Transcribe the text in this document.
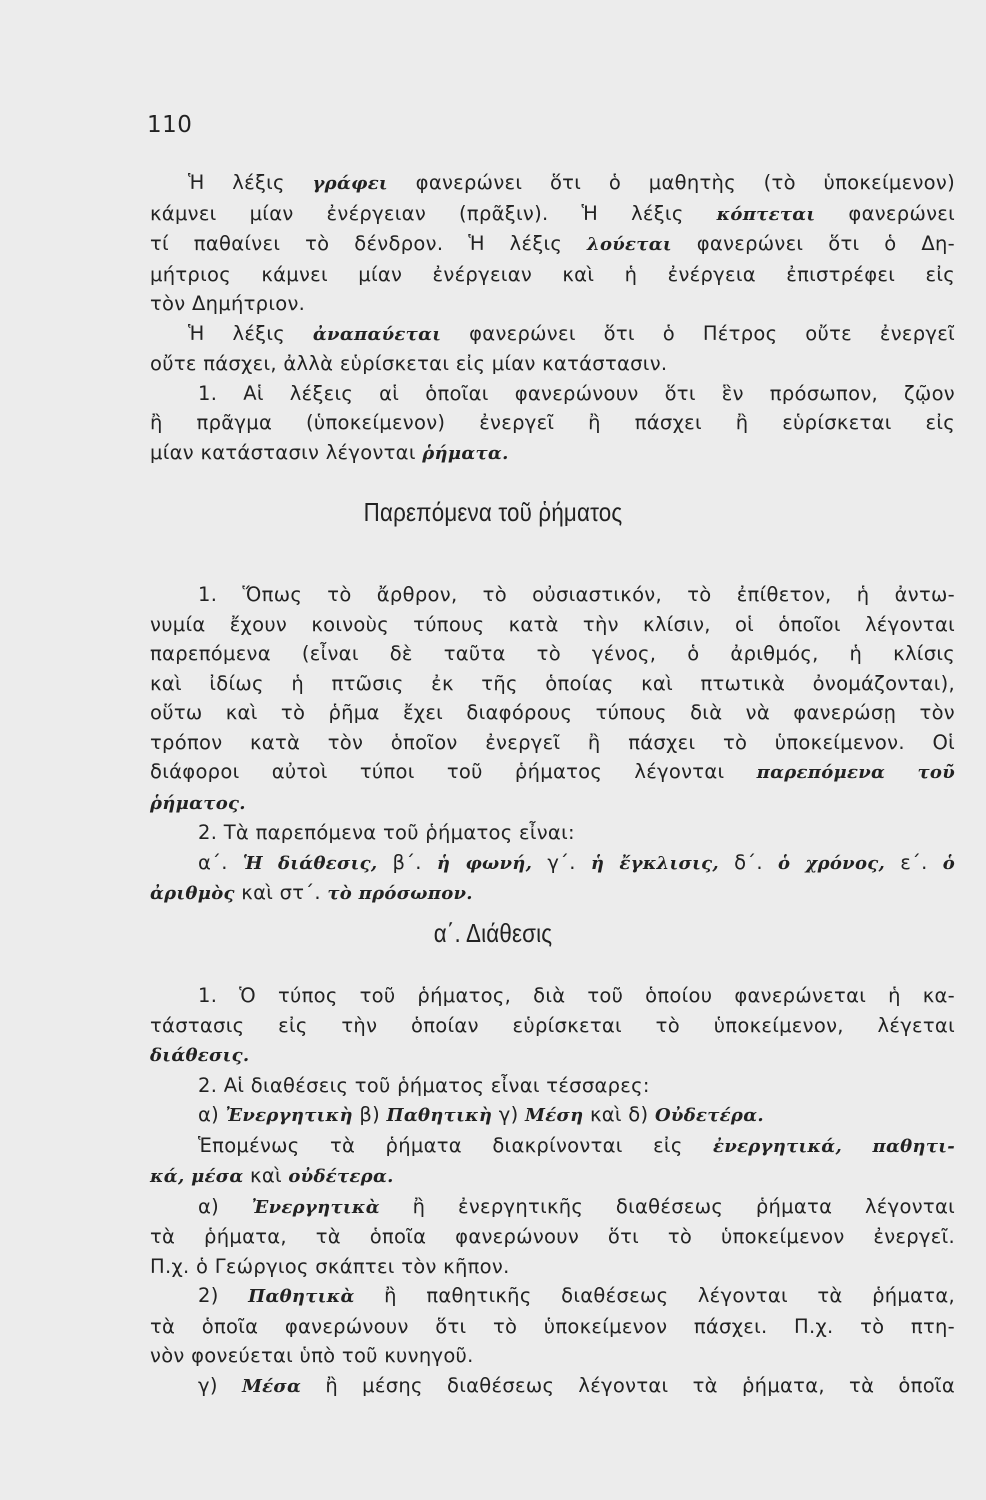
110
Ἡ λέξις γράφει φανερώνει ὅτι ὁ μαθητὴς (τὸ ὑποκείμενον)
κάμνει μίαν ἐνέργειαν (πρᾶξιν). Ἡ λέξις κόπτεται φανερώνει
τί παθαίνει τὸ δένδρον. Ἡ λέξις λούεται φανερώνει ὅτι ὁ Δη-
μήτριος κάμνει μίαν ἐνέργειαν καὶ ἡ ἐνέργεια ἐπιστρέφει εἰς
τὸν Δημήτριον.
Ἡ λέξις ἀναπαύεται φανερώνει ὅτι ὁ Πέτρος οὔτε ἐνεργεῖ
οὔτε πάσχει, ἀλλὰ εὑρίσκεται εἰς μίαν κατάστασιν.
1. Αἱ λέξεις αἱ ὁποῖαι φανερώνουν ὅτι ἓν πρόσωπον, ζῷον
ἢ πρᾶγμα (ὑποκείμενον) ἐνεργεῖ ἢ πάσχει ἢ εὑρίσκεται εἰς
μίαν κατάστασιν λέγονται ῥήματα.
Παρεπόμενα τοῦ ῥήματος
1. Ὅπως τὸ ἄρθρον, τὸ οὐσιαστικόν, τὸ ἐπίθετον, ἡ ἀντω-
νυμία ἔχουν κοινοὺς τύπους κατὰ τὴν κλίσιν, οἱ ὁποῖοι λέγονται
παρεπόμενα (εἶναι δὲ ταῦτα τὸ γένος, ὁ ἀριθμός, ἡ κλίσις
καὶ ἰδίως ἡ πτῶσις ἐκ τῆς ὁποίας καὶ πτωτικὰ ὀνομάζονται),
οὕτω καὶ τὸ ῥῆμα ἔχει διαφόρους τύπους διὰ νὰ φανερώσῃ τὸν
τρόπον κατὰ τὸν ὁποῖον ἐνεργεῖ ἢ πάσχει τὸ ὑποκείμενον. Οἱ
διάφοροι αὐτοὶ τύποι τοῦ ῥήματος λέγονται παρεπόμενα τοῦ
ῥήματος.
2. Τὰ παρεπόμενα τοῦ ῥήματος εἶναι:
α΄. Ἡ διάθεσις, β΄. ἡ φωνή, γ΄. ἡ ἔγκλισις, δ΄. ὁ χρόνος, ε΄. ὁ
ἀριθμὸς καὶ στ΄. τὸ πρόσωπον.
α΄. Διάθεσις
1. Ὁ τύπος τοῦ ῥήματος, διὰ τοῦ ὁποίου φανερώνεται ἡ κα-
τάστασις εἰς τὴν ὁποίαν εὑρίσκεται τὸ ὑποκείμενον, λέγεται
διάθεσις.
2. Αἱ διαθέσεις τοῦ ῥήματος εἶναι τέσσαρες:
α) Ἐνεργητικὴ β) Παθητικὴ γ) Μέση καὶ δ) Οὐδετέρα.
Ἑπομένως τὰ ῥήματα διακρίνονται εἰς ἐνεργητικά, παθητι-
κά, μέσα καὶ οὐδέτερα.
α) Ἐνεργητικὰ ἢ ἐνεργητικῆς διαθέσεως ῥήματα λέγονται
τὰ ῥήματα, τὰ ὁποῖα φανερώνουν ὅτι τὸ ὑποκείμενον ἐνεργεῖ.
Π.χ. ὁ Γεώργιος σκάπτει τὸν κῆπον.
2) Παθητικὰ ἢ παθητικῆς διαθέσεως λέγονται τὰ ῥήματα,
τὰ ὁποῖα φανερώνουν ὅτι τὸ ὑποκείμενον πάσχει. Π.χ. τὸ πτη-
νὸν φονεύεται ὑπὸ τοῦ κυνηγοῦ.
γ) Μέσα ἢ μέσης διαθέσεως λέγονται τὰ ῥήματα, τὰ ὁποῖα
